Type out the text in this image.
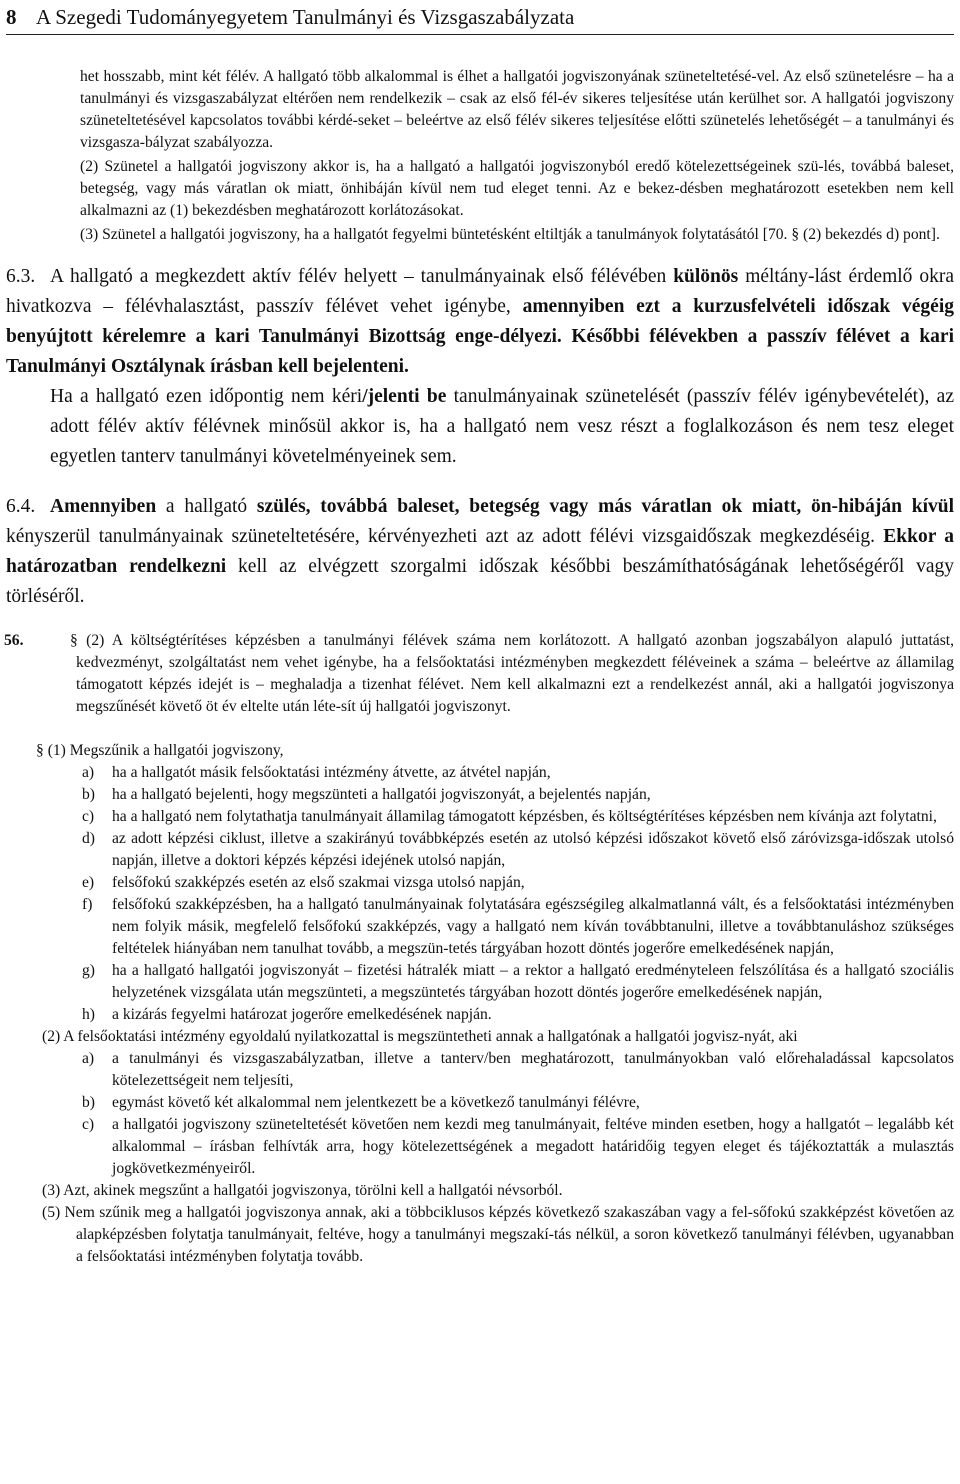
8 A Szegedi Tudományegyetem Tanulmányi és Vizsgaszabályzata
het hosszabb, mint két félév. A hallgató több alkalommal is élhet a hallgatói jogviszonyának szüneteltetésé-vel. Az első szünetelésre – ha a tanulmányi és vizsgaszabályzat eltérően nem rendelkezik – csak az első fél-év sikeres teljesítése után kerülhet sor. A hallgatói jogviszony szüneteltetésével kapcsolatos további kérdé-seket – beleértve az első félév sikeres teljesítése előtti szünetelés lehetőségét – a tanulmányi és vizsgasza-bályzat szabályozza.
(2) Szünetel a hallgatói jogviszony akkor is, ha a hallgató a hallgatói jogviszonyból eredő kötelezettségeinek szü-lés, továbbá baleset, betegség, vagy más váratlan ok miatt, önhibáján kívül nem tud eleget tenni. Az e bekez-désben meghatározott esetekben nem kell alkalmazni az (1) bekezdésben meghatározott korlátozásokat.
(3) Szünetel a hallgatói jogviszony, ha a hallgatót fegyelmi büntetésként eltiltják a tanulmányok folytatásától [70. § (2) bekezdés d) pont].
6.3. A hallgató a megkezdett aktív félév helyett – tanulmányainak első félévében különös méltány-lást érdemlő okra hivatkozva – félévhalasztást, passzív félévet vehet igénybe, amennyiben ezt a kurzusfelvételi időszak végéig benyújtott kérelemre a kari Tanulmányi Bizottság enge-délyezi. Későbbi félévekben a passzív félévet a kari Tanulmányi Osztálynak írásban kell bejelenteni.
Ha a hallgató ezen időpontig nem kéri/jelenti be tanulmányainak szünetelését (passzív félév igénybevételét), az adott félév aktív félévnek minősül akkor is, ha a hallgató nem vesz részt a foglalkozáson és nem tesz eleget egyetlen tanterv tanulmányi követelményeinek sem.
6.4. Amennyiben a hallgató szülés, továbbá baleset, betegség vagy más váratlan ok miatt, ön-hibáján kívül kényszerül tanulmányainak szüneteltetésére, kérvényezheti azt az adott félévi vizsgaidőszak megkezdéséig. Ekkor a határozatban rendelkezni kell az elvégzett szorgalmi időszak későbbi beszámíthatóságának lehetőségéről vagy törléséről.
56.	§ (2) A költségtérítéses képzésben a tanulmányi félévek száma nem korlátozott. A hallgató azonban jogszabályon alapuló juttatást, kedvezményt, szolgáltatást nem vehet igénybe, ha a felsőoktatási intézményben megkezdett féléveinek a száma – beleértve az államilag támogatott képzés idejét is – meghaladja a tizenhat félévet. Nem kell alkalmazni ezt a rendelkezést annál, aki a hallgatói jogviszonya megszűnését követő öt év eltelte után léte-sít új hallgatói jogviszonyt.
§ (1) Megszűnik a hallgatói jogviszony,
a) ha a hallgatót másik felsőoktatási intézmény átvette, az átvétel napján,
b) ha a hallgató bejelenti, hogy megszünteti a hallgatói jogviszonyát, a bejelentés napján,
c) ha a hallgató nem folytathatja tanulmányait államilag támogatott képzésben, és költségtérítéses képzésben nem kívánja azt folytatni,
d) az adott képzési ciklust, illetve a szakirányú továbbképzés esetén az utolsó képzési időszakot követő első záróvizsga-időszak utolsó napján, illetve a doktori képzés képzési idejének utolsó napján,
e) felsőfokú szakképzés esetén az első szakmai vizsga utolsó napján,
f) felsőfokú szakképzésben, ha a hallgató tanulmányainak folytatására egészségileg alkalmatlanná vált, és a felsőoktatási intézményben nem folyik másik, megfelelő felsőfokú szakképzés, vagy a hallgató nem kíván továbbtanulni, illetve a továbbtanuláshoz szükséges feltételek hiányában nem tanulhat tovább, a megszün-tetés tárgyában hozott döntés jogerőre emelkedésének napján,
g) ha a hallgató hallgatói jogviszonyát – fizetési hátralék miatt – a rektor a hallgató eredményteleen felszólítása és a hallgató szociális helyzetének vizsgálata után megszünteti, a megszüntetés tárgyában hozott döntés jogerőre emelkedésének napján,
h) a kizárás fegyelmi határozat jogerőre emelkedésének napján.
(2) A felsőoktatási intézmény egyoldalú nyilatkozattal is megszüntetheti annak a hallgatónak a hallgatói jogvisz-nyát, aki
a) a tanulmányi és vizsgaszabályzatban, illetve a tanterv/ben meghatározott, tanulmányokban való előrehaladással kapcsolatos kötelezettségeit nem teljesíti,
b) egymást követő két alkalommal nem jelentkezett be a következő tanulmányi félévre,
c) a hallgatói jogviszony szüneteltetését követően nem kezdi meg tanulmányait, feltéve minden esetben, hogy a hallgatót – legalább két alkalommal – írásban felhívták arra, hogy kötelezettségének a megadott határidőig tegyen eleget és tájékoztatták a mulasztás jogkövetkezményeiről.
(3) Azt, akinek megszűnt a hallgatói jogviszonya, törölni kell a hallgatói névsorból.
(5) Nem szűnik meg a hallgatói jogviszonya annak, aki a többciklusos képzés következő szakaszában vagy a fel-sőfokú szakképzést követően az alapképzésben folytatja tanulmányait, feltéve, hogy a tanulmányi megszakí-tás nélkül, a soron következő tanulmányi félévben, ugyanabban a felsőoktatási intézményben folytatja tovább.
